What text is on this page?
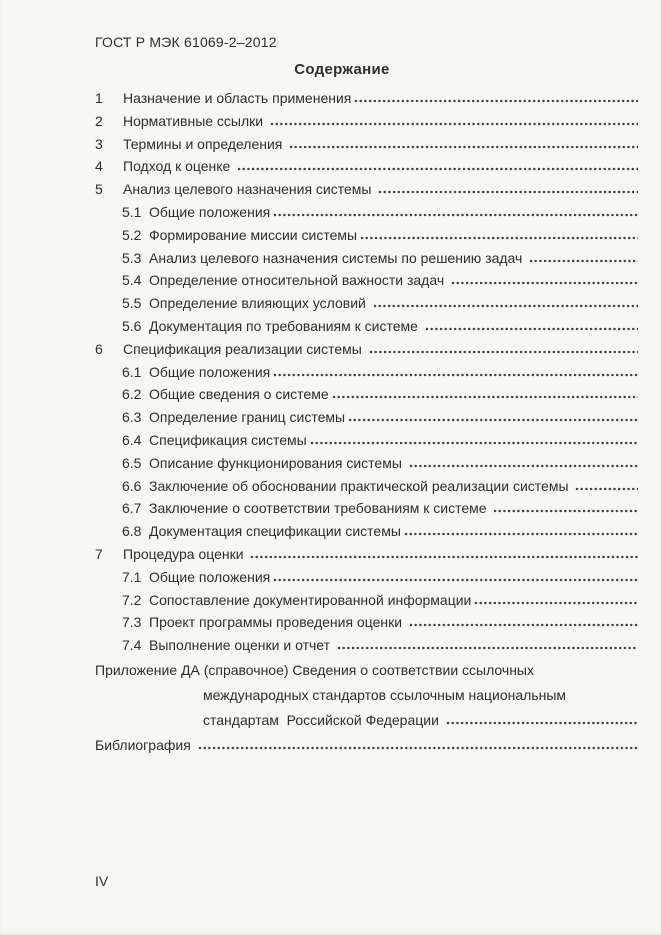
ГОСТ Р МЭК 61069-2–2012
Содержание
1	Назначение и область применения
2	Нормативные ссылки
3	Термины и определения
4	Подход к оценке
5	Анализ целевого назначения системы
5.1 Общие положения
5.2 Формирование миссии системы
5.3 Анализ целевого назначения системы по решению задач
5.4 Определение относительной важности задач
5.5 Определение влияющих условий
5.6 Документация по требованиям к системе
6	Спецификация реализации системы
6.1 Общие положения
6.2 Общие сведения о системе
6.3 Определение границ системы
6.4 Спецификация системы
6.5 Описание функционирования системы
6.6 Заключение об обосновании практической реализации системы
6.7 Заключение о соответствии требованиям к системе
6.8 Документация спецификации системы
7	Процедура оценки
7.1 Общие положения
7.2 Сопоставление документированной информации
7.3 Проект программы проведения оценки
7.4 Выполнение оценки и отчет
Приложение ДА (справочное) Сведения о соответствии ссылочных
международных стандартов ссылочным национальным
стандартам  Российской Федерации
Библиография
IV
